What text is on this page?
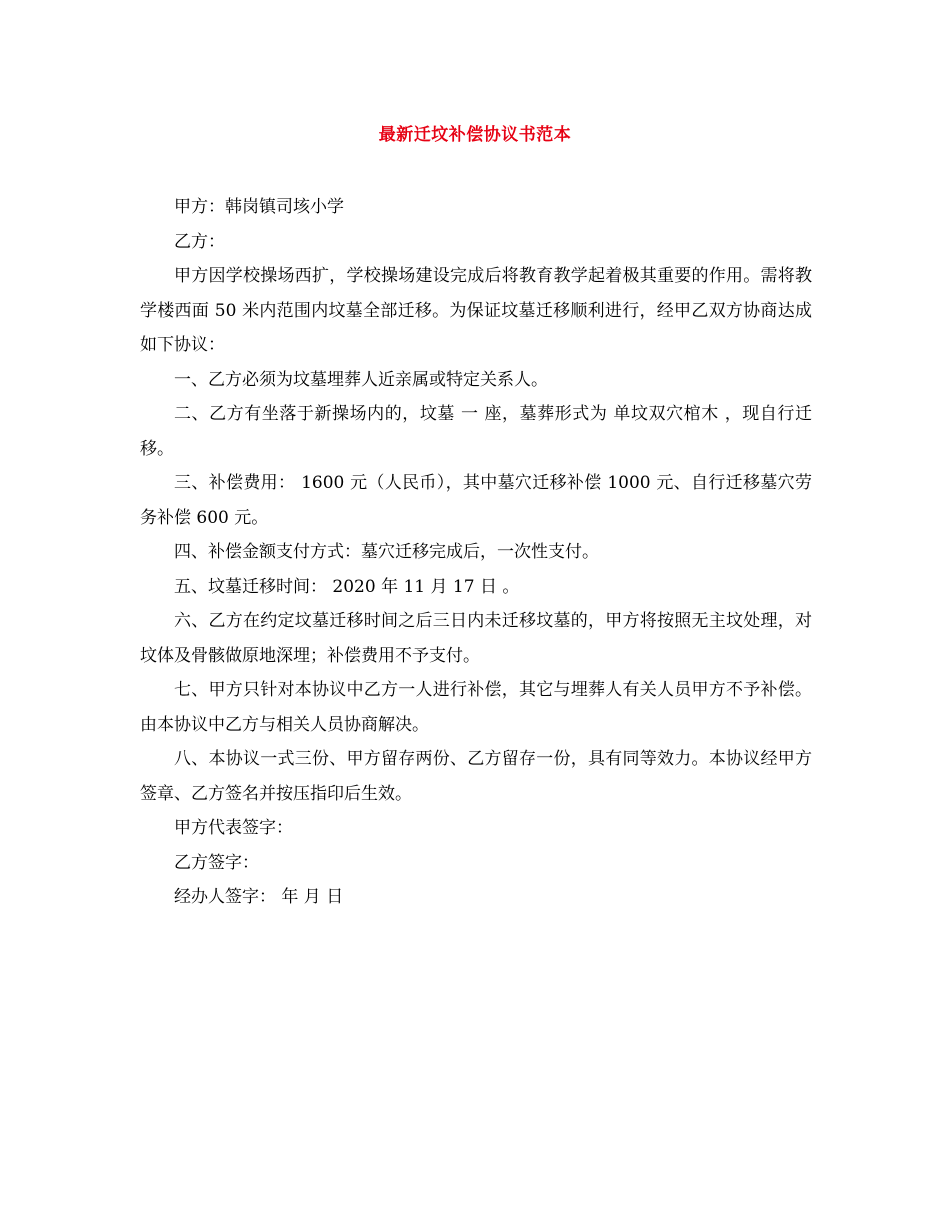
最新迁坟补偿协议书范本

甲方：韩岗镇司垓小学

乙方：

甲方因学校操场西扩，学校操场建设完成后将教育教学起着极其重要的作用。需将教学楼西面 50 米内范围内坟墓全部迁移。为保证坟墓迁移顺利进行，经甲乙双方协商达成如下协议：

一、乙方必须为坟墓埋葬人近亲属或特定关系人。

二、乙方有坐落于新操场内的，坟墓 一 座，墓葬形式为 单坟双穴棺木 ，现自行迁移。

三、补偿费用： 1600 元（人民币），其中墓穴迁移补偿 1000 元、自行迁移墓穴劳务补偿 600 元。

四、补偿金额支付方式：墓穴迁移完成后，一次性支付。

五、坟墓迁移时间： 2020 年 11 月 17 日 。

六、乙方在约定坟墓迁移时间之后三日内未迁移坟墓的，甲方将按照无主坟处理，对坟体及骨骸做原地深埋；补偿费用不予支付。

七、甲方只针对本协议中乙方一人进行补偿，其它与埋葬人有关人员甲方不予补偿。由本协议中乙方与相关人员协商解决。

八、本协议一式三份、甲方留存两份、乙方留存一份，具有同等效力。本协议经甲方签章、乙方签名并按压指印后生效。

甲方代表签字：

乙方签字：

经办人签字： 年 月 日
